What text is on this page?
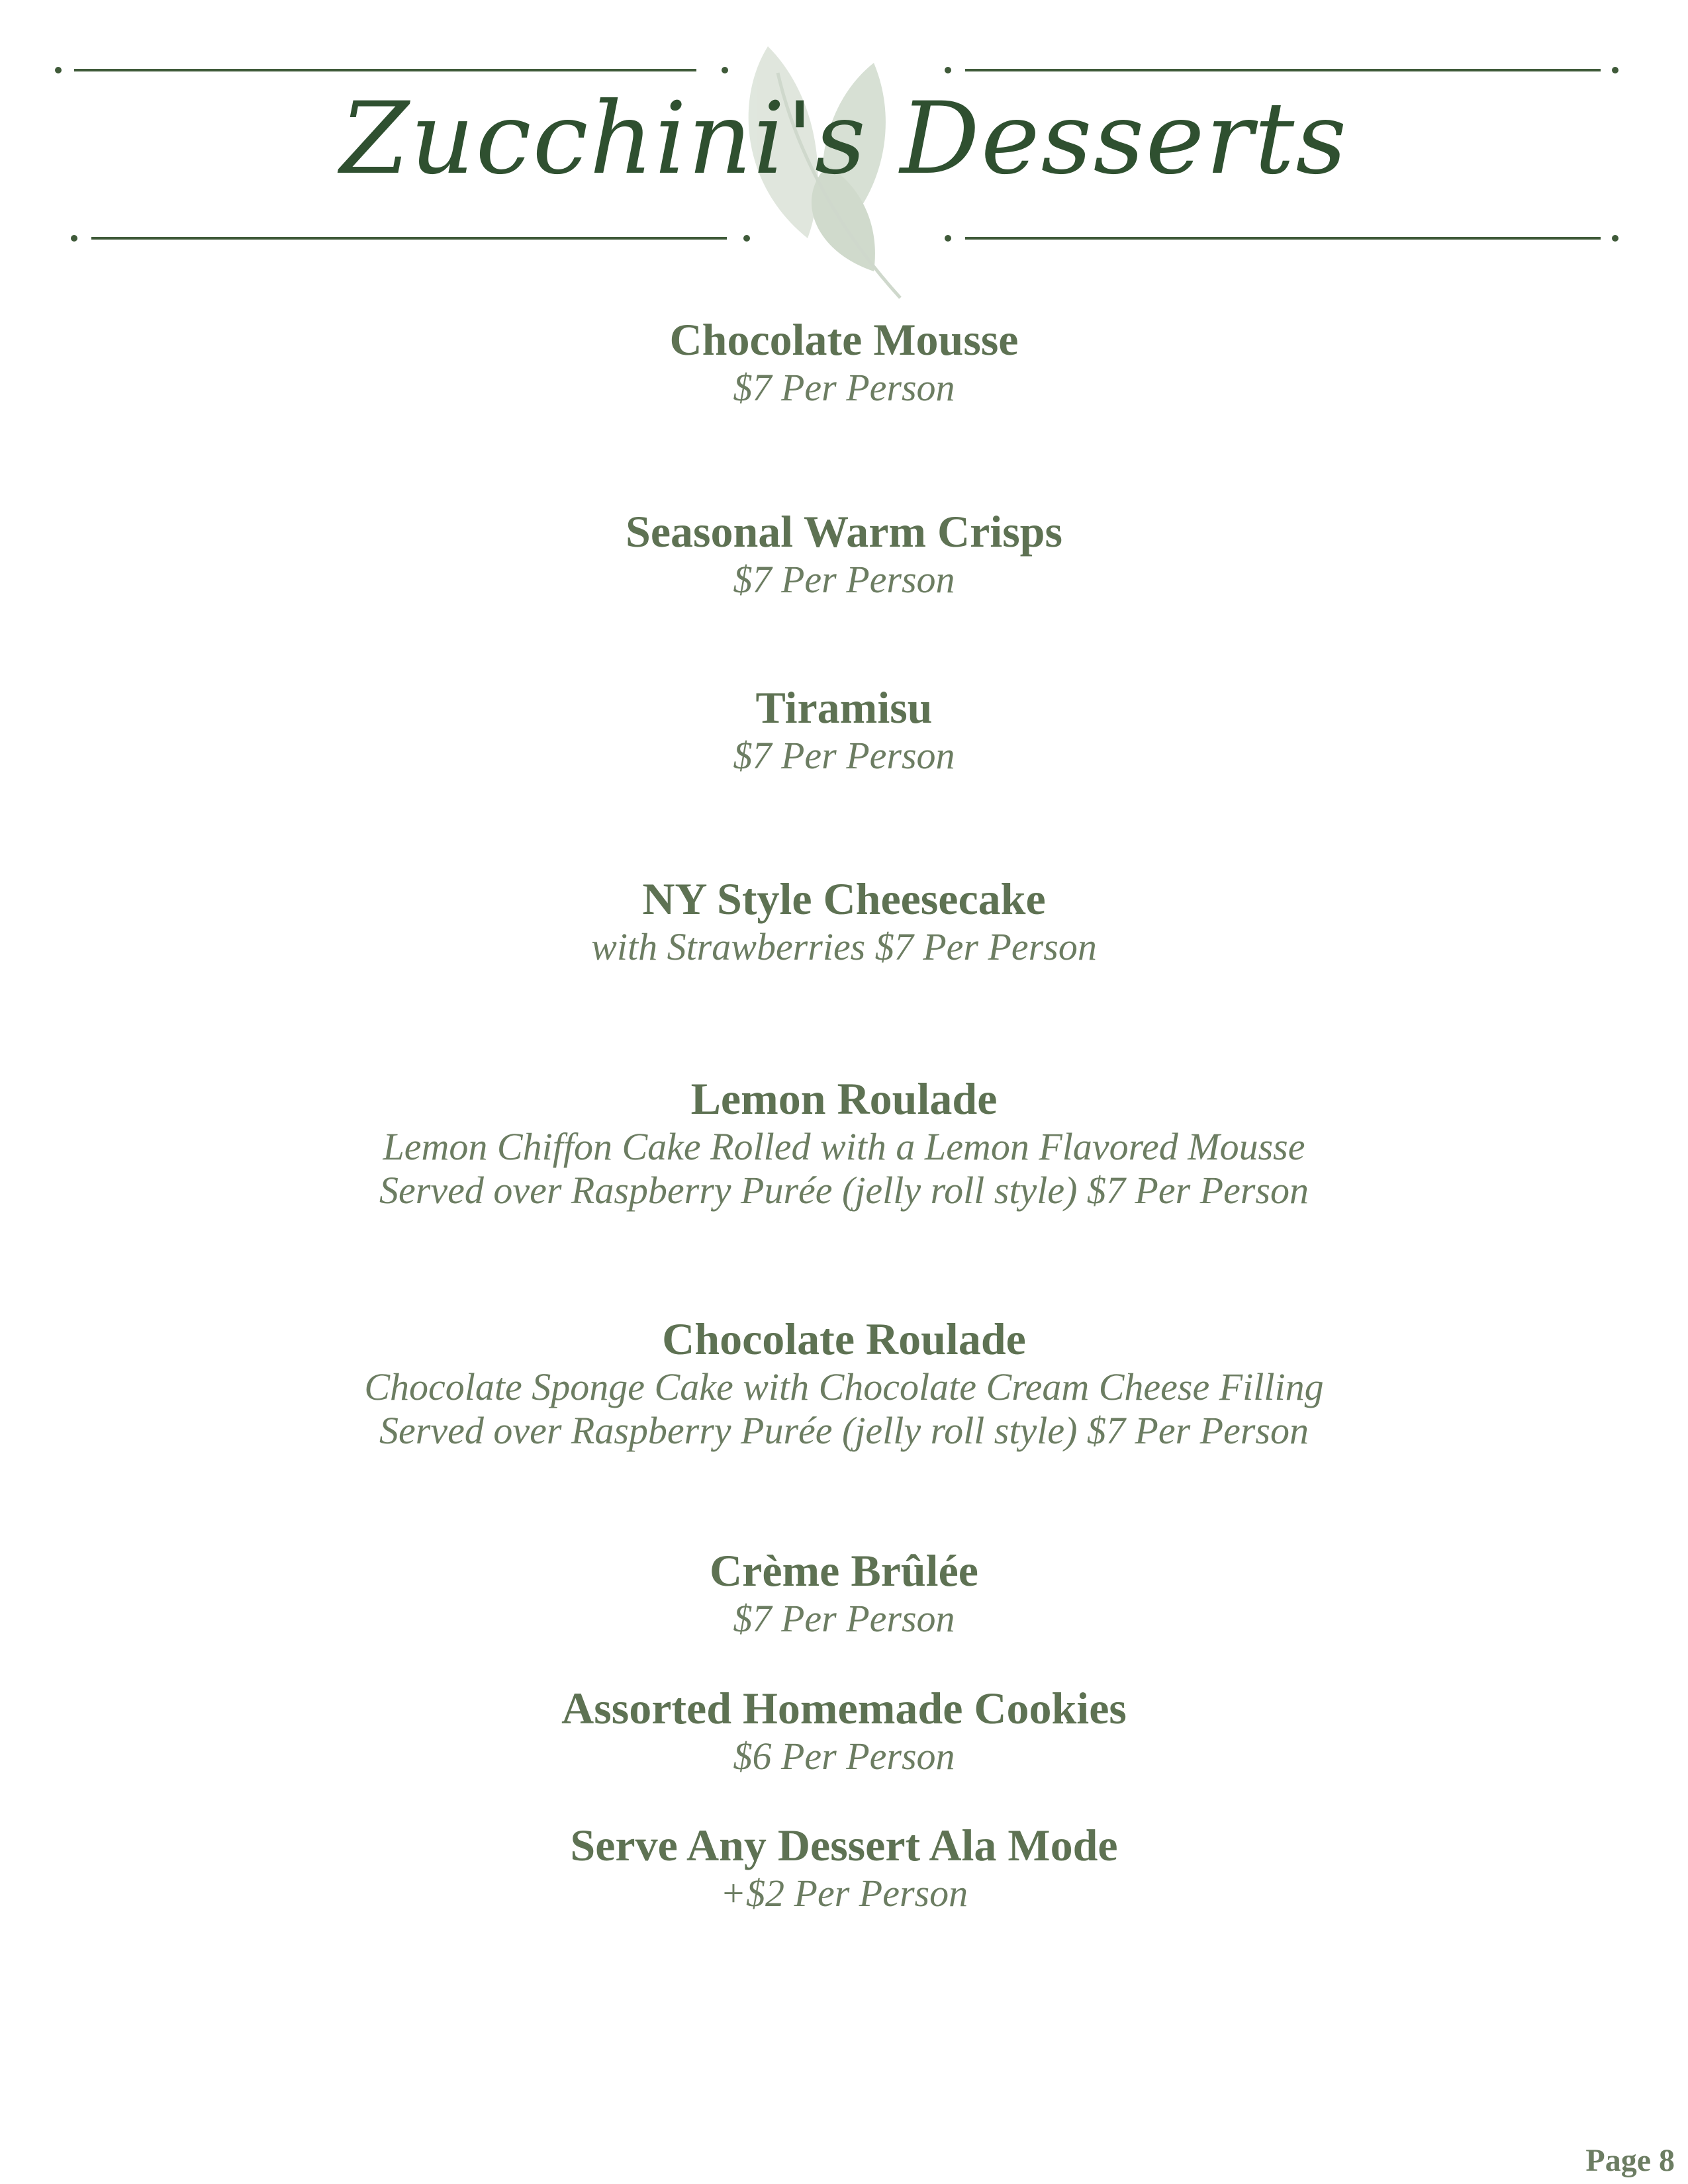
Zucchini's Desserts

Chocolate Mousse

$7 Per Person

Seasonal Warm Crisps

$7 Per Person

Tiramisu

$7 Per Person

NY Style Cheesecake

with Strawberries $7 Per Person

Lemon Roulade

Lemon Chiffon Cake Rolled with a Lemon Flavored Mousse

Served over Raspberry Purée (jelly roll style) $7 Per Person

Chocolate Roulade

Chocolate Sponge Cake with Chocolate Cream Cheese Filling

Served over Raspberry Purée (jelly roll style) $7 Per Person

Crème Brûlée

$7 Per Person

Assorted Homemade Cookies

$6 Per Person

Serve Any Dessert Ala Mode

+$2 Per Person

Page 8
